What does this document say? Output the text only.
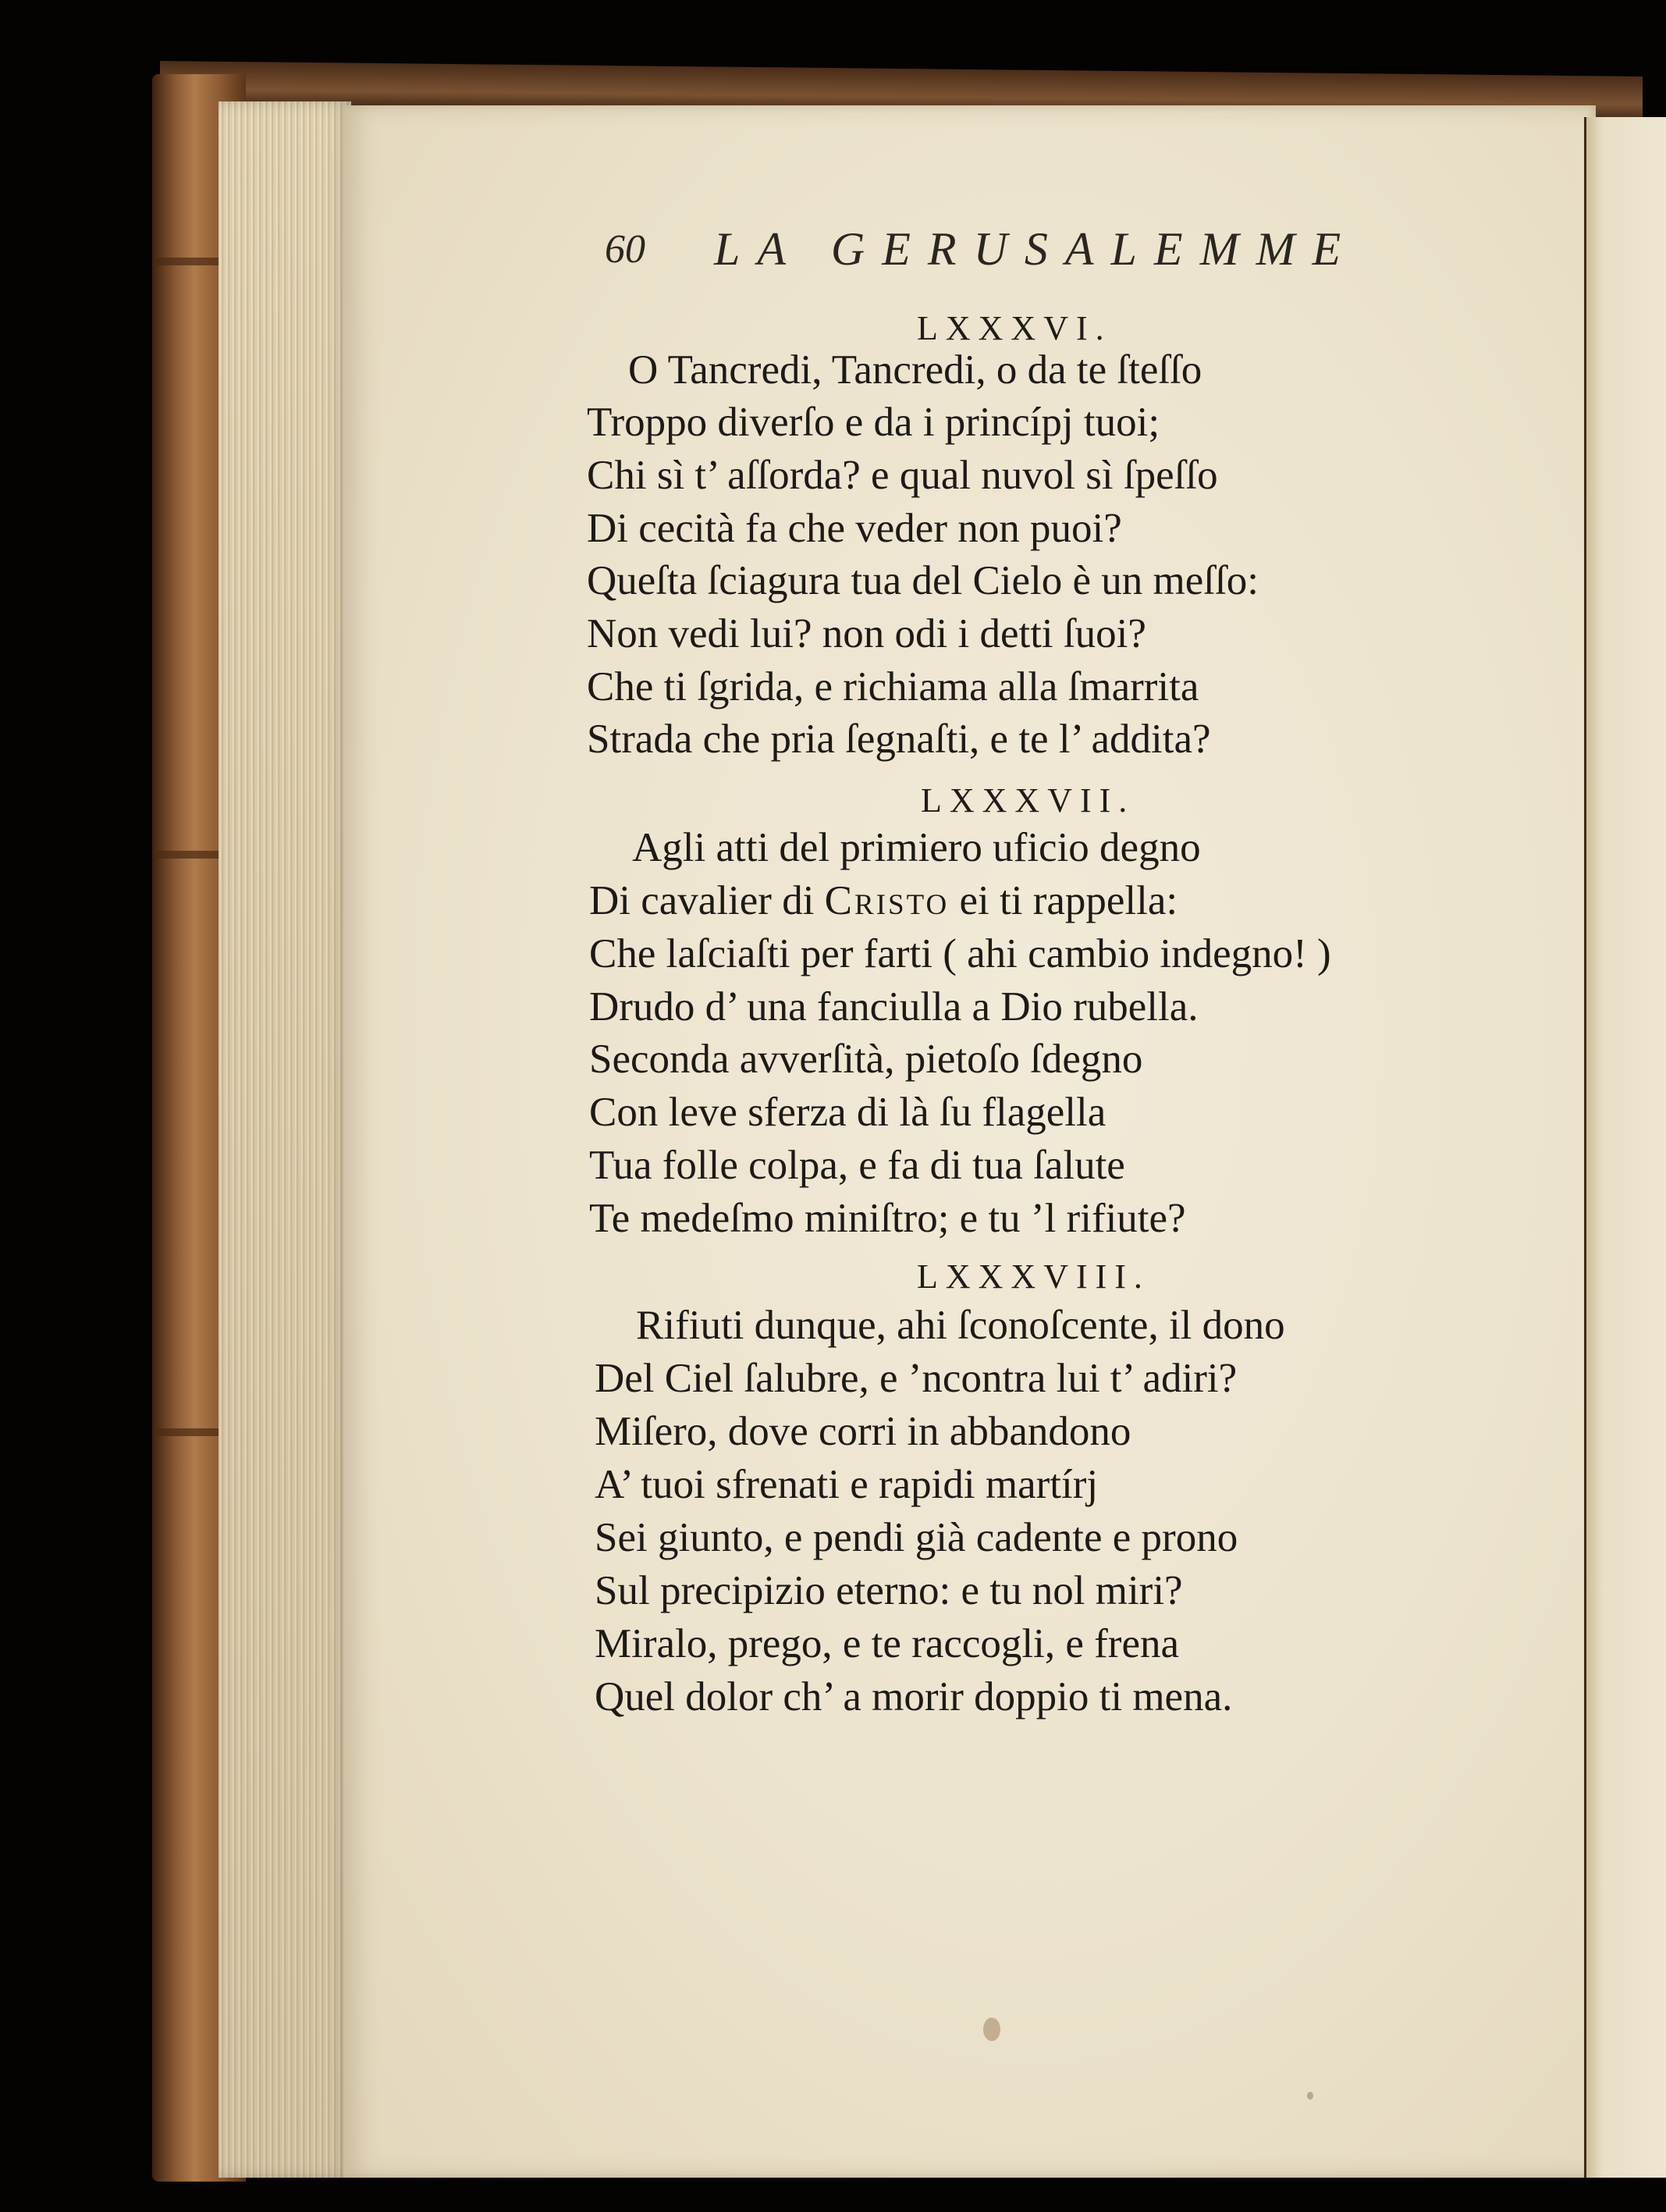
60 LA GERUSALEMME
LXXXVI.
O Tancredi, Tancredi, o da te ſteſſo
Troppo diverſo e da i princípj tuoi;
Chi sì t’ aſſorda? e qual nuvol sì ſpeſſo
Di cecità fa che veder non puoi?
Queſta ſciagura tua del Cielo è un meſſo:
Non vedi lui? non odi i detti ſuoi?
Che ti ſgrida, e richiama alla ſmarrita
Strada che pria ſegnaſti, e te l’ addita?
LXXXVII.
Agli atti del primiero uficio degno
Di cavalier di Cristo ei ti rappella:
Che laſciaſti per farti ( ahi cambio indegno! )
Drudo d’ una fanciulla a Dio rubella.
Seconda avverſità, pietoſo ſdegno
Con leve sferza di là ſu flagella
Tua folle colpa, e fa di tua ſalute
Te medeſmo miniſtro; e tu ’l rifiute?
LXXXVIII.
Rifiuti dunque, ahi ſconoſcente, il dono
Del Ciel ſalubre, e ’ncontra lui t’ adiri?
Miſero, dove corri in abbandono
A’ tuoi sfrenati e rapidi martírj
Sei giunto, e pendi già cadente e prono
Sul precipizio eterno: e tu nol miri?
Miralo, prego, e te raccogli, e frena
Quel dolor ch’ a morir doppio ti mena.
